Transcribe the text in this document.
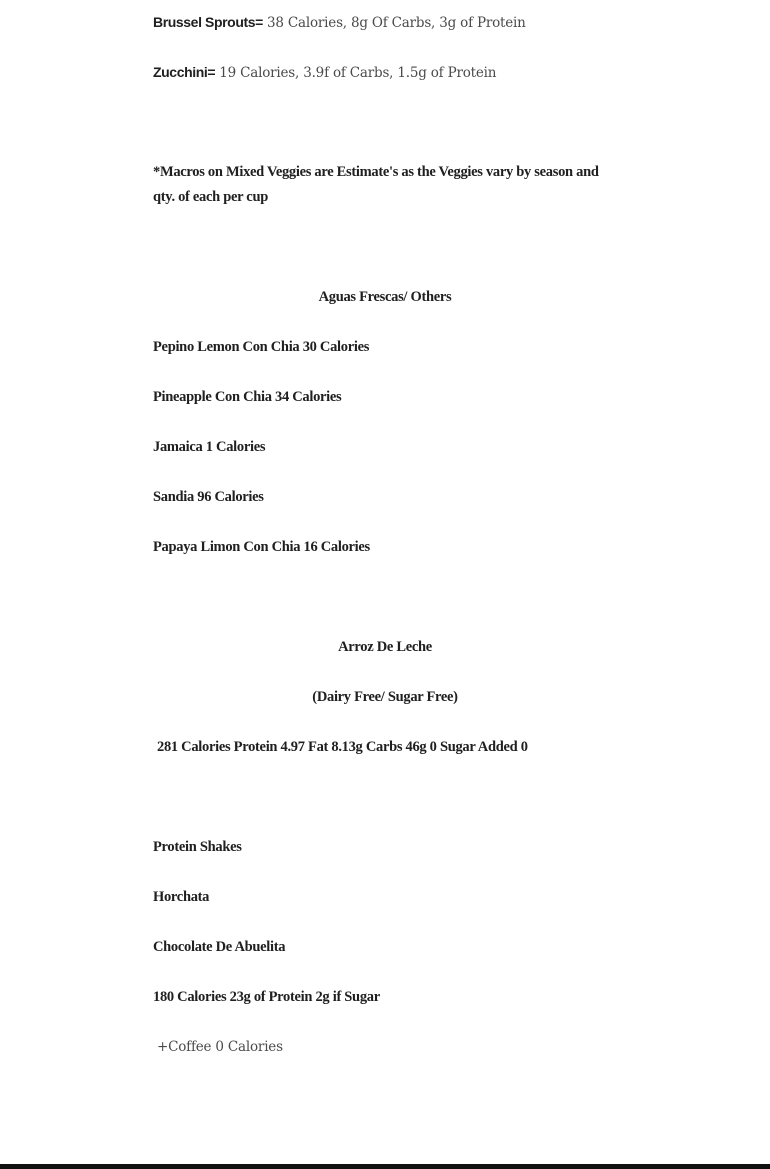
Brussel Sprouts= 38 Calories, 8g Of Carbs, 3g of Protein
Zucchini= 19 Calories, 3.9f of Carbs, 1.5g of Protein
*Macros on Mixed Veggies are Estimate's as the Veggies vary by season and qty. of each per cup
Aguas Frescas/ Others
Pepino Lemon Con Chia 30 Calories
Pineapple Con Chia 34 Calories
Jamaica 1 Calories
Sandia 96 Calories
Papaya Limon Con Chia 16 Calories
Arroz De Leche
(Dairy Free/ Sugar Free)
281 Calories Protein 4.97 Fat 8.13g Carbs 46g 0 Sugar Added 0
Protein Shakes
Horchata
Chocolate De Abuelita
180 Calories 23g of Protein 2g if Sugar
+Coffee 0 Calories
